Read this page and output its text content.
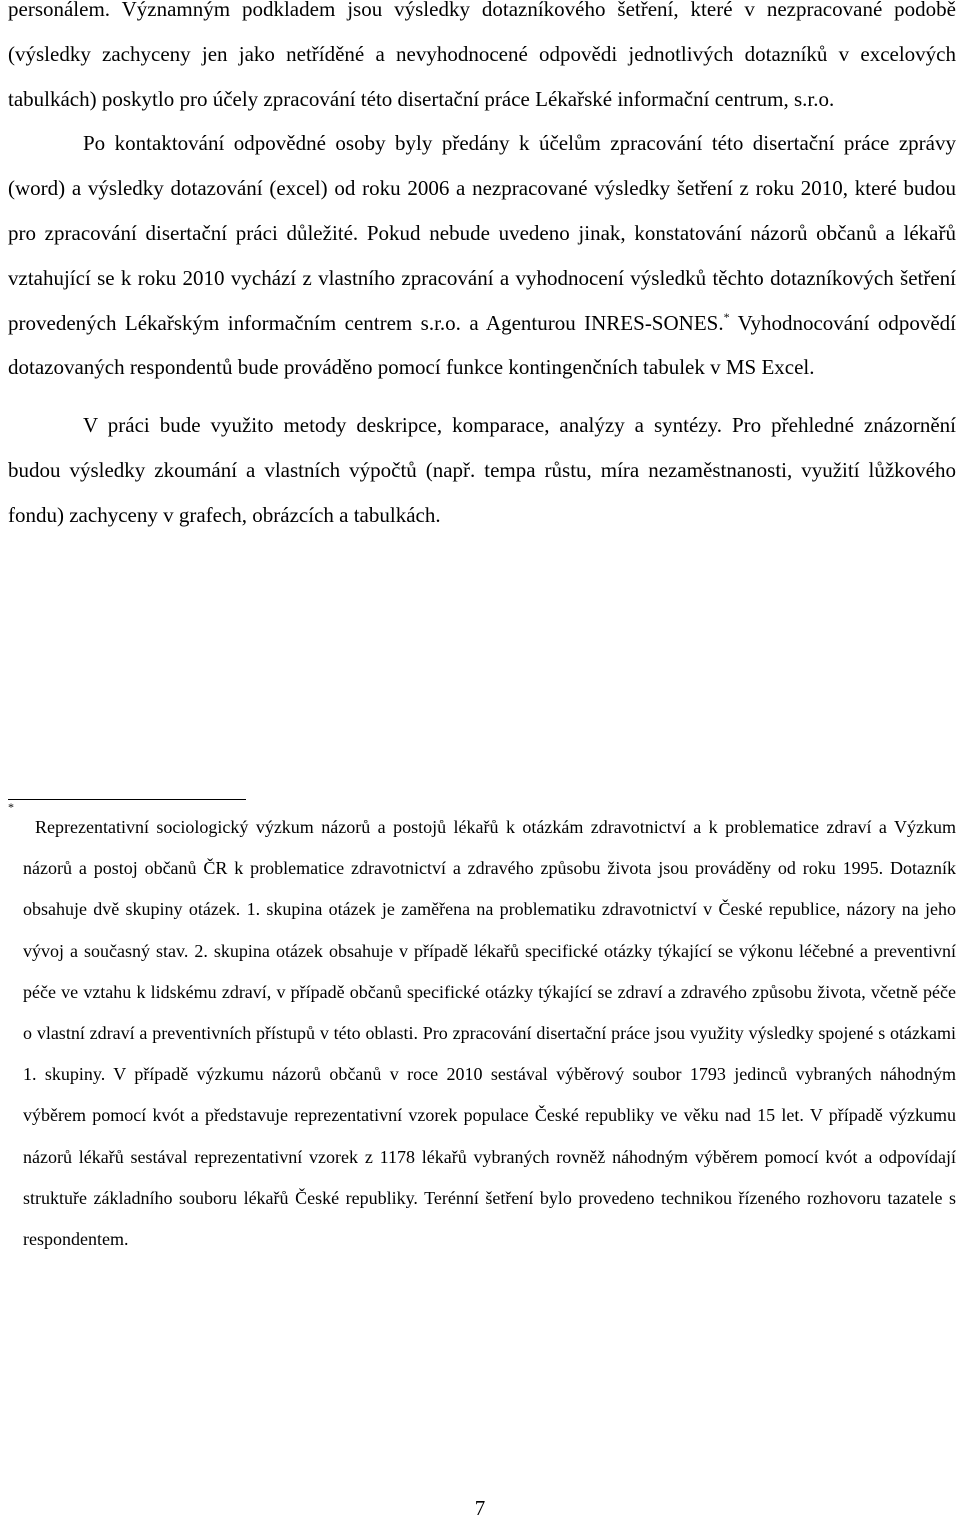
personálem. Významným podkladem jsou výsledky dotazníkového šetření, které v nezpracované podobě (výsledky zachyceny jen jako netříděné a nevyhodnocené odpovědi jednotlivých dotazníků v excelových tabulkách) poskytlo pro účely zpracování této disertační práce Lékařské informační centrum, s.r.o.

Po kontaktování odpovědné osoby byly předány k účelům zpracování této disertační práce zprávy (word) a výsledky dotazování (excel) od roku 2006 a nezpracované výsledky šetření z roku 2010, které budou pro zpracování disertační práci důležité. Pokud nebude uvedeno jinak, konstatování názorů občanů a lékařů vztahující se k roku 2010 vychází z vlastního zpracování a vyhodnocení výsledků těchto dotazníkových šetření provedených Lékařským informačním centrem s.r.o. a Agenturou INRES-SONES.* Vyhodnocování odpovědí dotazovaných respondentů bude prováděno pomocí funkce kontingenčních tabulek v MS Excel.

V práci bude využito metody deskripce, komparace, analýzy a syntézy. Pro přehledné znázornění budou výsledky zkoumání a vlastních výpočtů (např. tempa růstu, míra nezaměstnanosti, využití lůžkového fondu) zachyceny v grafech, obrázcích a tabulkách.

*
Reprezentativní sociologický výzkum názorů a postojů lékařů k otázkám zdravotnictví a k problematice zdraví a Výzkum názorů a postoj občanů ČR k problematice zdravotnictví a zdravého způsobu života jsou prováděny od roku 1995. Dotazník obsahuje dvě skupiny otázek. 1. skupina otázek je zaměřena na problematiku zdravotnictví v České republice, názory na jeho vývoj a současný stav. 2. skupina otázek obsahuje v případě lékařů specifické otázky týkající se výkonu léčebné a preventivní péče ve vztahu k lidskému zdraví, v případě občanů specifické otázky týkající se zdraví a zdravého způsobu života, včetně péče o vlastní zdraví a preventivních přístupů v této oblasti. Pro zpracování disertační práce jsou využity výsledky spojené s otázkami 1. skupiny. V případě výzkumu názorů občanů v roce 2010 sestával výběrový soubor 1793 jedinců vybraných náhodným výběrem pomocí kvót a představuje reprezentativní vzorek populace České republiky ve věku nad 15 let. V případě výzkumu názorů lékařů sestával reprezentativní vzorek z 1178 lékařů vybraných rovněž náhodným výběrem pomocí kvót a odpovídají struktuře základního souboru lékařů České republiky. Terénní šetření bylo provedeno technikou řízeného rozhovoru tazatele s respondentem.
7
